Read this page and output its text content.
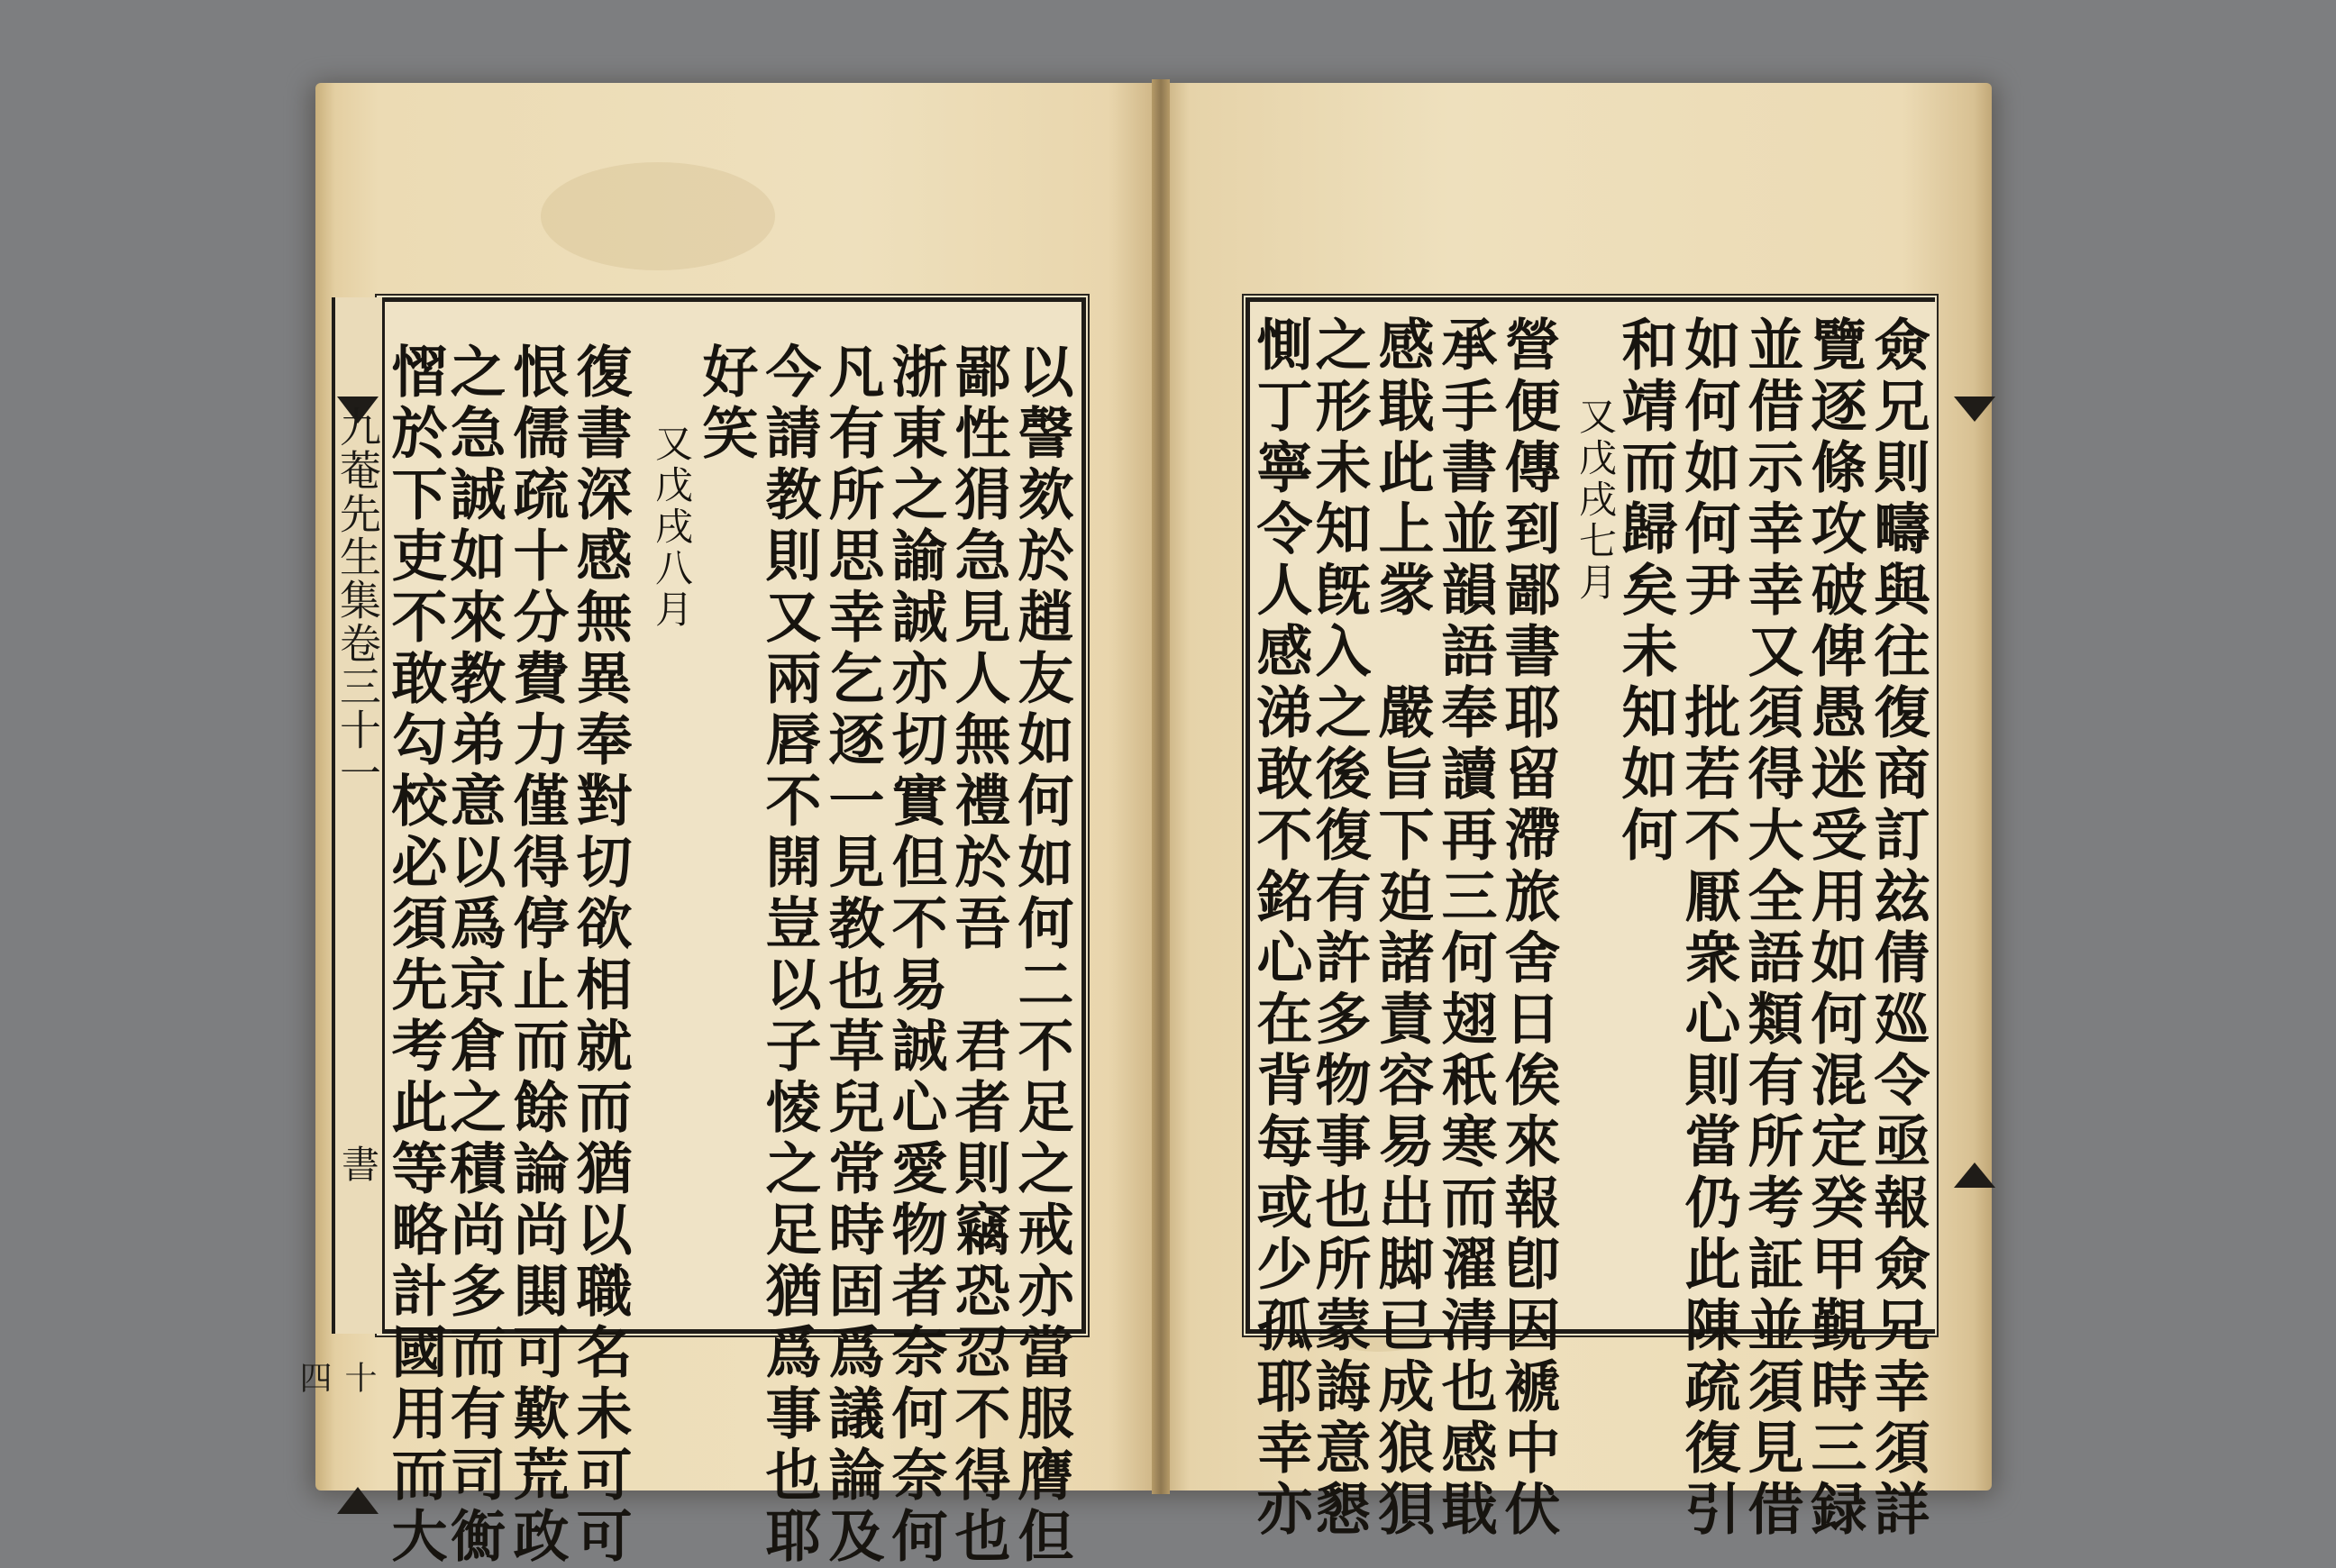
九菴先生集卷三十一
書
十四	以謦欬於趙友如何如何二不足之戒亦當服膺但
鄙性狷急見人無禮於吾　君者則竊恐忍不得也
浙東之諭誠亦切實但不易誠心愛物者奈何奈何
凡有所思幸乞逐一見教也草兒常時固爲議論及
今請教則又兩唇不開豈以子㥄之足猶爲事也耶
好笑
又戊戌八月
復書深感無異奉對切欲相就而猶以職名未可可
恨儒疏十分費力僅得停止而餘論尚閧可歎荒政
之急誠如來教弟意以爲京倉之積尚多而有司𢖍
慴於下吏不敢勾校必須先考此等略計國用而大	僉兄則疇與往復商訂玆倩廵令亟報僉兄幸須詳
覽逐條攻破俾愚迷受用如何混定癸甲覲時三録
並借示幸幸又須得大全語類有所考証並須見借
如何如何尹　批若不厭衆心則當仍此陳疏復引
和靖而歸矣未知如何
又戊戌七月
營便傳到鄙書耶留滯旅舍日俟來報卽因褫中伏
承手書並韻語奉讀再三何翅秖寒而濯清也感戢
感戢此上䝉　嚴旨下廹諸責容易出脚已成狼狽
之形未知旣入之後復有許多物事也所蒙誨意懇
惻丁寧令人感涕敢不銘心在背每或少孤耶幸亦
